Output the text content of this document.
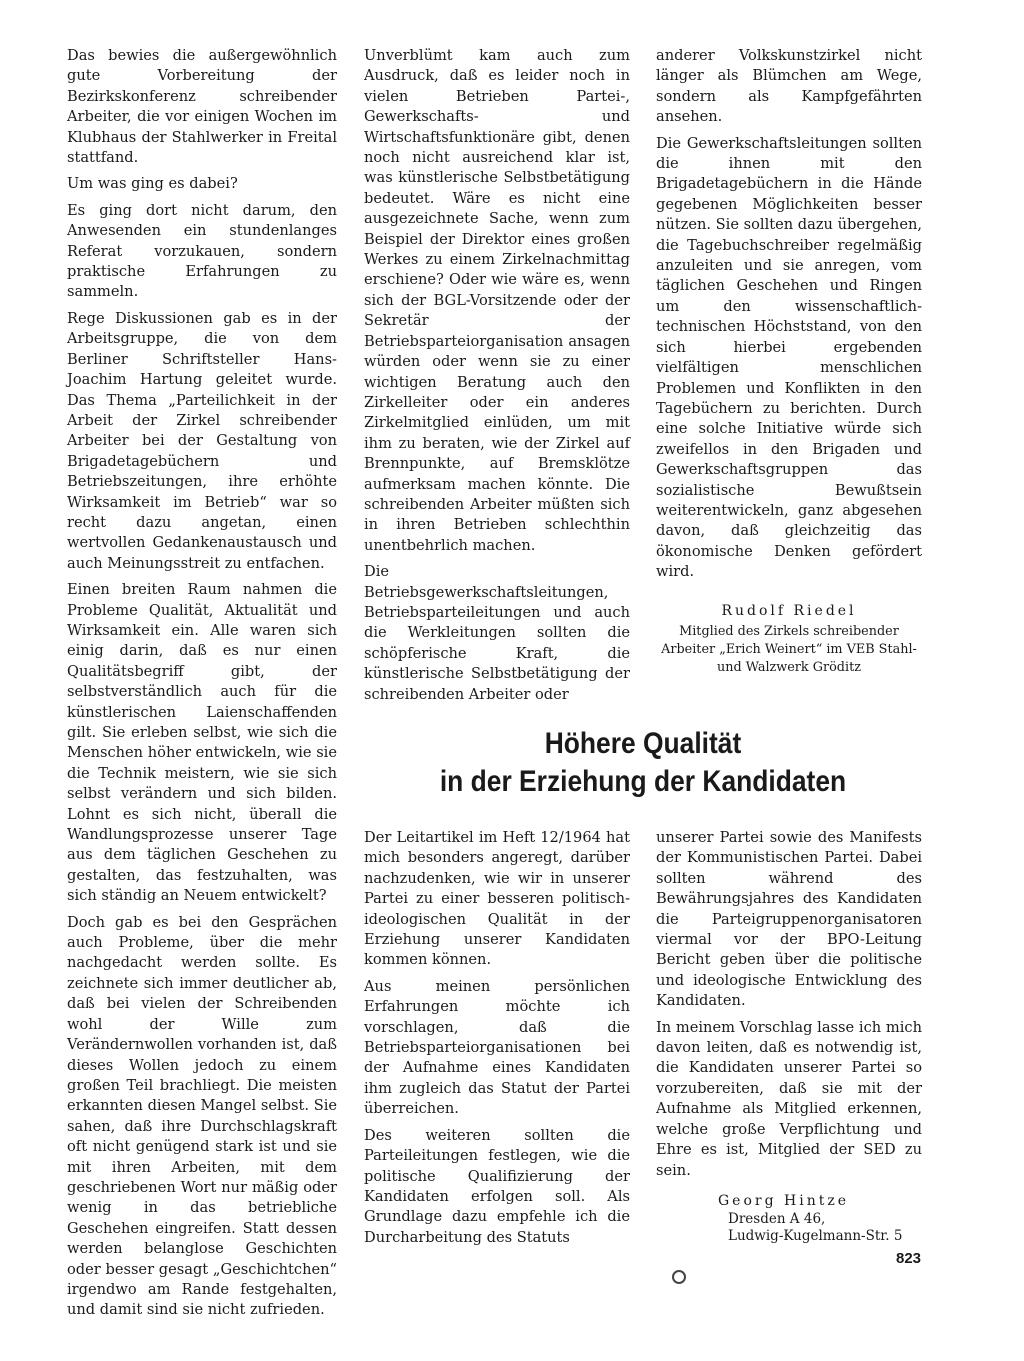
Das bewies die außergewöhnlich gute Vorbereitung der Bezirkskonferenz schreibender Arbeiter, die vor einigen Wochen im Klubhaus der Stahlwerker in Freital stattfand.

Um was ging es dabei?

Es ging dort nicht darum, den Anwesenden ein stundenlanges Referat vorzukauen, sondern praktische Erfahrungen zu sammeln.

Rege Diskussionen gab es in der Arbeitsgruppe, die von dem Berliner Schriftsteller Hans-Joachim Hartung geleitet wurde. Das Thema „Parteilichkeit in der Arbeit der Zirkel schreibender Arbeiter bei der Gestaltung von Brigadetagebüchern und Betriebszeitungen, ihre erhöhte Wirksamkeit im Betrieb“ war so recht dazu angetan, einen wertvollen Gedankenaustausch und auch Meinungsstreit zu entfachen.

Einen breiten Raum nahmen die Probleme Qualität, Aktualität und Wirksamkeit ein. Alle waren sich einig darin, daß es nur einen Qualitätsbegriff gibt, der selbstverständlich auch für die künstlerischen Laienschaffenden gilt. Sie erleben selbst, wie sich die Menschen höher entwickeln, wie sie die Technik meistern, wie sie sich selbst verändern und sich bilden. Lohnt es sich nicht, überall die Wandlungsprozesse unserer Tage aus dem täglichen Geschehen zu gestalten, das festzuhalten, was sich ständig an Neuem entwickelt?

Doch gab es bei den Gesprächen auch Probleme, über die mehr nachgedacht werden sollte. Es zeichnete sich immer deutlicher ab, daß bei vielen der Schreibenden wohl der Wille zum Verändernwollen vorhanden ist, daß dieses Wollen jedoch zu einem großen Teil brachliegt. Die meisten erkannten diesen Mangel selbst. Sie sahen, daß ihre Durchschlagskraft oft nicht genügend stark ist und sie mit ihren Arbeiten, mit dem geschriebenen Wort nur mäßig oder wenig in das betriebliche Geschehen eingreifen. Statt dessen werden belanglose Geschichten oder besser gesagt „Geschichtchen“ irgendwo am Rande festgehalten, und damit sind sie nicht zufrieden.

Unverblümt kam auch zum Ausdruck, daß es leider noch in vielen Betrieben Partei-, Gewerkschafts- und Wirtschaftsfunktionäre gibt, denen noch nicht ausreichend klar ist, was künstlerische Selbstbetätigung bedeutet. Wäre es nicht eine ausgezeichnete Sache, wenn zum Beispiel der Direktor eines großen Werkes zu einem Zirkelnachmittag erschiene? Oder wie wäre es, wenn sich der BGL-Vorsitzende oder der Sekretär der Betriebsparteiorganisation ansagen würden oder wenn sie zu einer wichtigen Beratung auch den Zirkelleiter oder ein anderes Zirkelmitglied einlüden, um mit ihm zu beraten, wie der Zirkel auf Brennpunkte, auf Bremsklötze aufmerksam machen könnte. Die schreibenden Arbeiter müßten sich in ihren Betrieben schlechthin unentbehrlich machen.

Die Betriebsgewerkschaftsleitungen, Betriebsparteileitungen und auch die Werkleitungen sollten die schöpferische Kraft, die künstlerische Selbstbetätigung der schreibenden Arbeiter oder

anderer Volkskunstzirkel nicht länger als Blümchen am Wege, sondern als Kampfgefährten ansehen.

Die Gewerkschaftsleitungen sollten die ihnen mit den Brigadetagebüchern in die Hände gegebenen Möglichkeiten besser nützen. Sie sollten dazu übergehen, die Tagebuchschreiber regelmäßig anzuleiten und sie anregen, vom täglichen Geschehen und Ringen um den wissenschaftlich-technischen Höchststand, von den sich hierbei ergebenden vielfältigen menschlichen Problemen und Konflikten in den Tagebüchern zu berichten. Durch eine solche Initiative würde sich zweifellos in den Brigaden und Gewerkschaftsgruppen das sozialistische Bewußtsein weiterentwickeln, ganz abgesehen davon, daß gleichzeitig das ökonomische Denken gefördert wird.

Rudolf Riedel

Mitglied des Zirkels schreibender Arbeiter „Erich Weinert“ im VEB Stahl- und Walzwerk Gröditz

Höhere Qualität
in der Erziehung der Kandidaten

Der Leitartikel im Heft 12/1964 hat mich besonders angeregt, darüber nachzudenken, wie wir in unserer Partei zu einer besseren politisch-ideologischen Qualität in der Erziehung unserer Kandidaten kommen können.

Aus meinen persönlichen Erfahrungen möchte ich vorschlagen, daß die Betriebsparteiorganisationen bei der Aufnahme eines Kandidaten ihm zugleich das Statut der Partei überreichen.

Des weiteren sollten die Parteileitungen festlegen, wie die politische Qualifizierung der Kandidaten erfolgen soll. Als Grundlage dazu empfehle ich die Durcharbeitung des Statuts

unserer Partei sowie des Manifests der Kommunistischen Partei. Dabei sollten während des Bewährungsjahres des Kandidaten die Parteigruppenorganisatoren viermal vor der BPO-Leitung Bericht geben über die politische und ideologische Entwicklung des Kandidaten.

In meinem Vorschlag lasse ich mich davon leiten, daß es notwendig ist, die Kandidaten unserer Partei so vorzubereiten, daß sie mit der Aufnahme als Mitglied erkennen, welche große Verpflichtung und Ehre es ist, Mitglied der SED zu sein.

Georg Hintze

Dresden A 46,

Ludwig-Kugelmann-Str. 5

823
